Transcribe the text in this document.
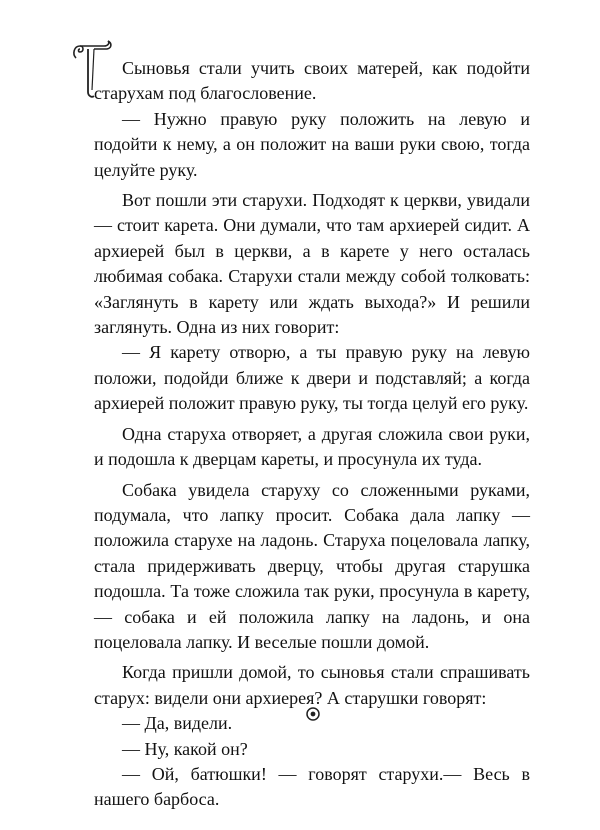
Сыновья стали учить своих матерей, как подойти старухам под благословение.

— Нужно правую руку положить на левую и подойти к нему, а он положит на ваши руки свою, тогда целуйте руку.

Вот пошли эти старухи. Подходят к церкви, увидали — стоит карета. Они думали, что там архиерей сидит. А архиерей был в церкви, а в карете у него осталась любимая собака. Старухи стали между собой толковать: «Заглянуть в карету или ждать выхода?» И решили заглянуть. Одна из них говорит:

— Я карету отворю, а ты правую руку на левую положи, подойди ближе к двери и подставляй; а когда архиерей положит правую руку, ты тогда целуй его руку.

Одна старуха отворяет, а другая сложила свои руки, и подошла к дверцам кареты, и просунула их туда.

Собака увидела старуху со сложенными руками, подумала, что лапку просит. Собака дала лапку — положила старухе на ладонь. Старуха поцеловала лапку, стала придерживать дверцу, чтобы другая старушка подошла. Та тоже сложила так руки, просунула в карету,— собака и ей положила лапку на ладонь, и она поцеловала лапку. И веселые пошли домой.

Когда пришли домой, то сыновья стали спрашивать старух: видели они архиерея? А старушки говорят:

— Да, видели.

— Ну, какой он?

— Ой, батюшки! — говорят старухи.— Весь в нашего барбоса.
